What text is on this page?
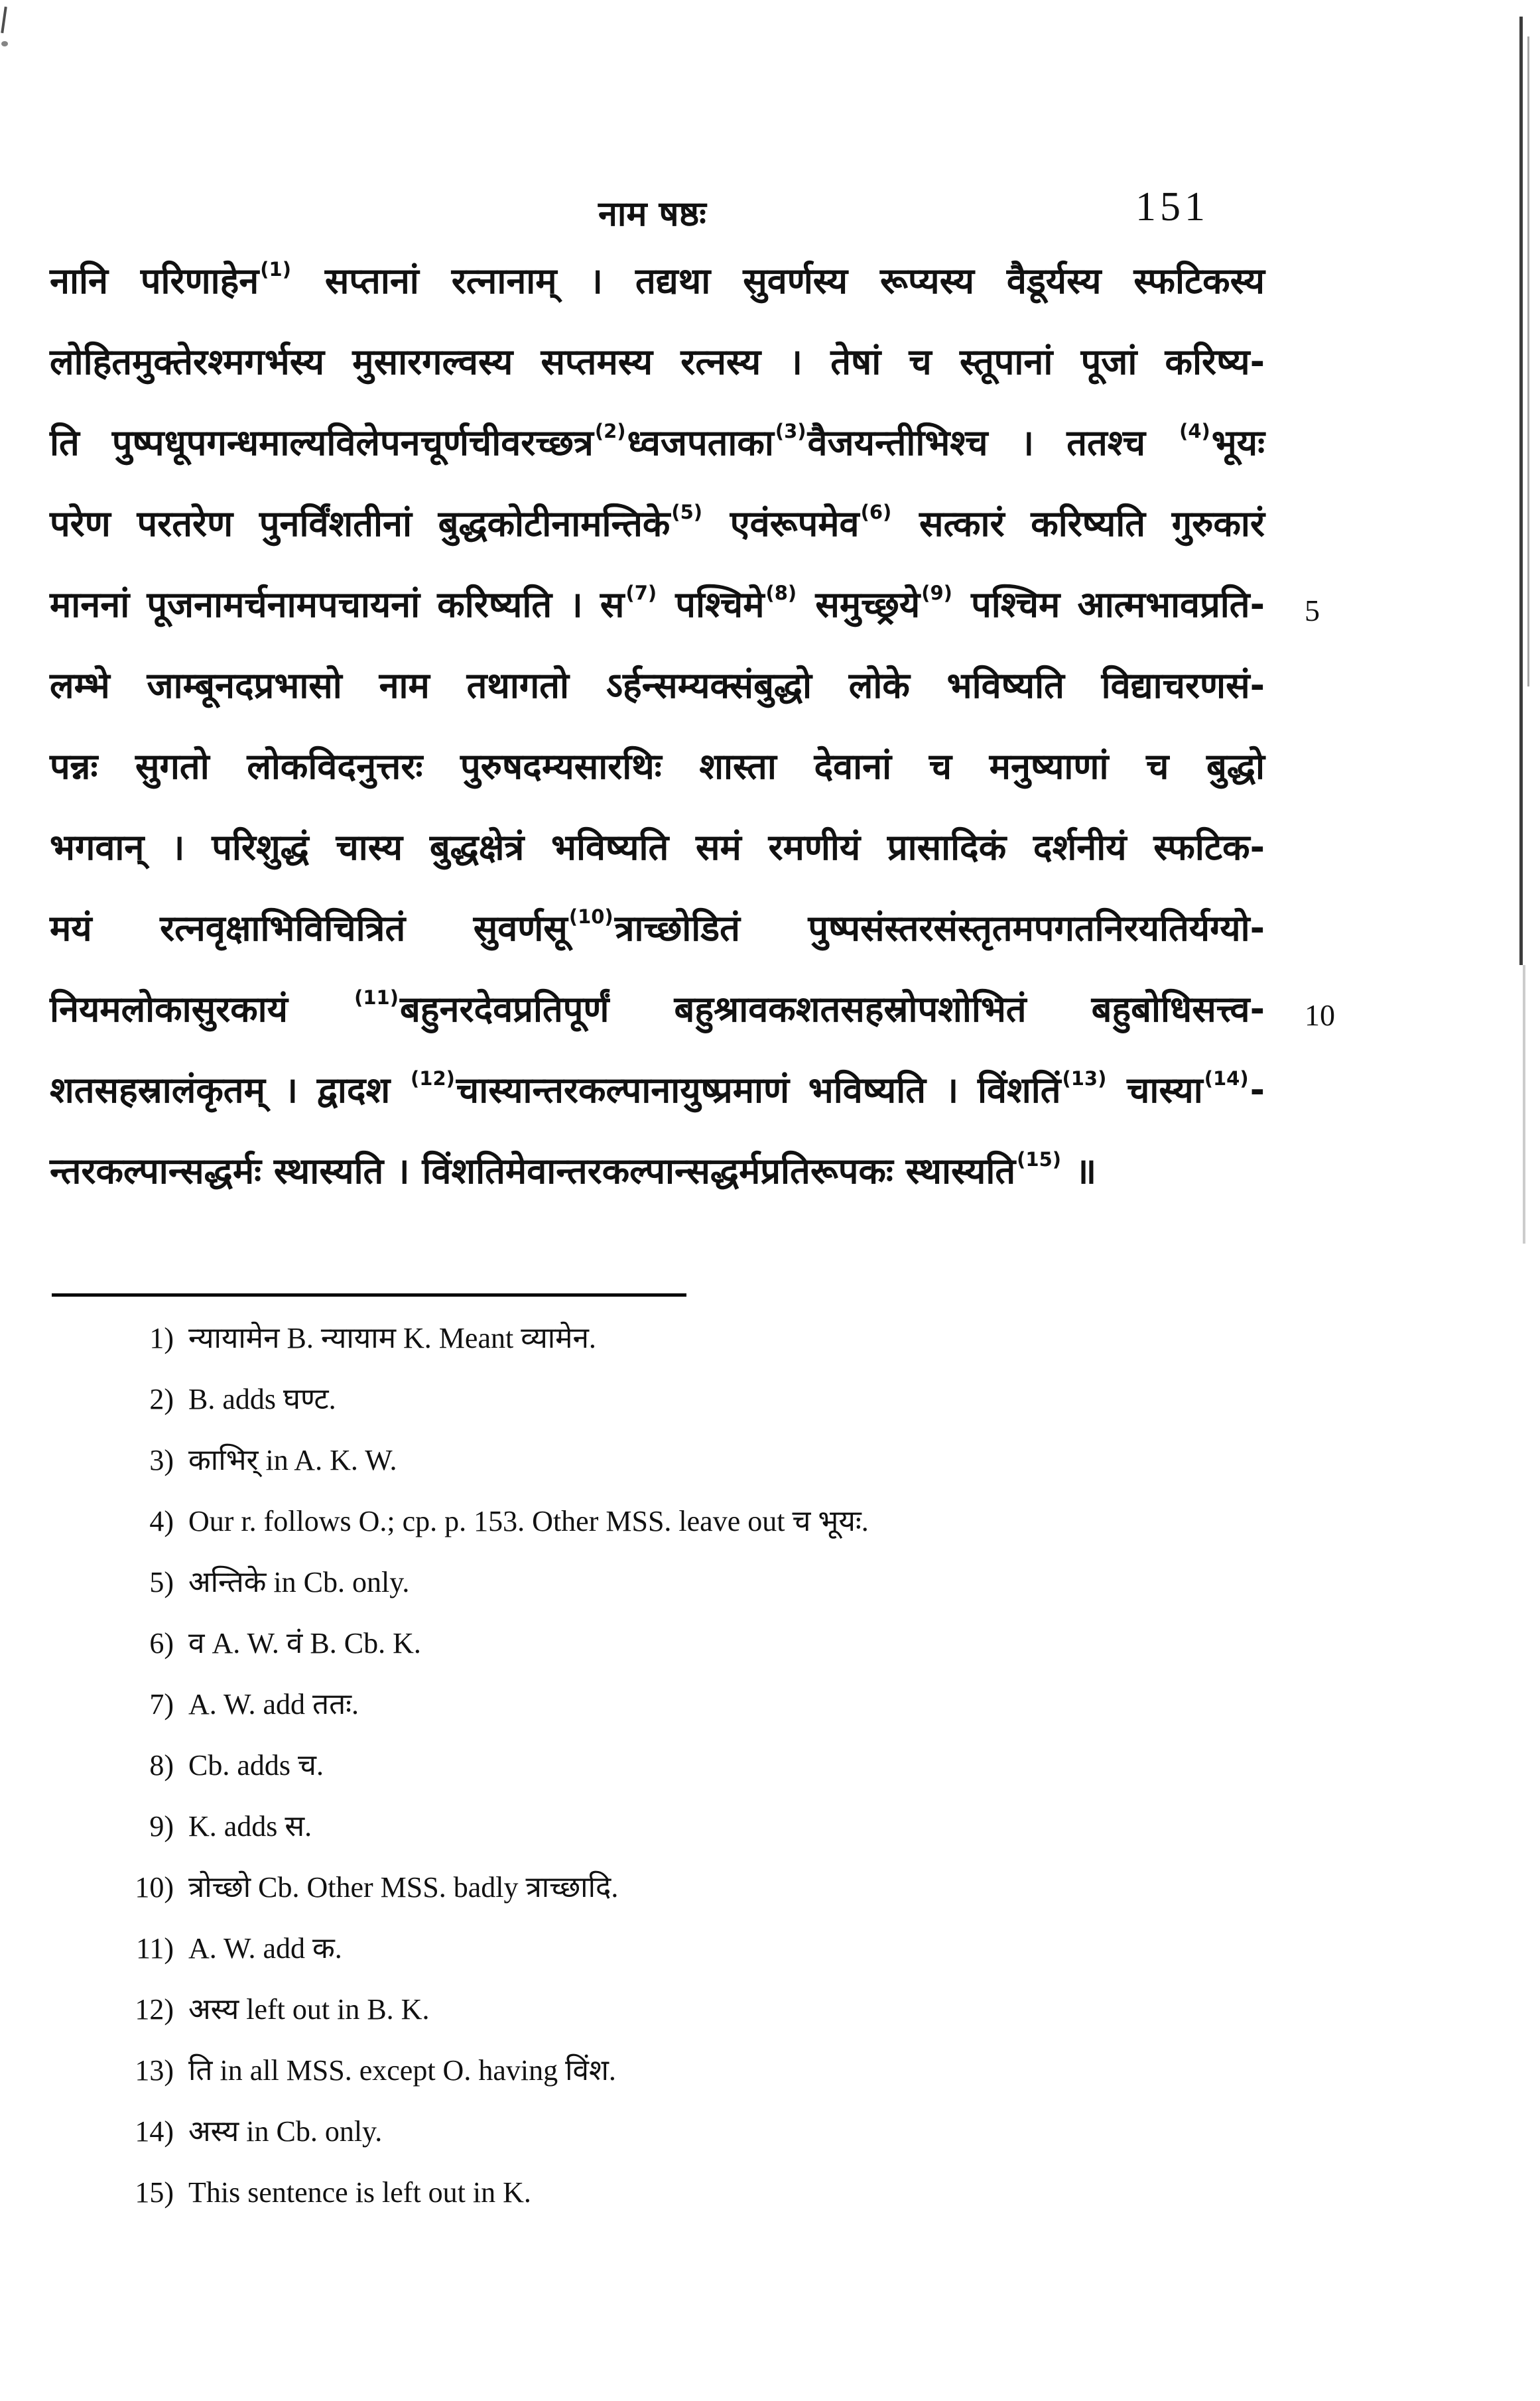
नाम षष्ठः	151
नानि परिणाहेन$^{(1)}$ सप्तानां रत्नानाम् । तद्यथा सुवर्णस्य रूप्यस्य वैडूर्यस्य स्फटिकस्य
लोहितमुक्तेरश्मगर्भस्य मुसारगल्वस्य सप्तमस्य रत्नस्य । तेषां च स्तूपानां पूजां करिष्य-
ति पुष्पधूपगन्धमाल्यविलेपनचूर्णचीवरच्छत्र$^{(2)}$ध्वजपताका$^{(3)}$वैजयन्तीभिश्च । ततश्च $^{(4)}$भूयः
परेण परतरेण पुनर्विंशतीनां बुद्धकोटीनामन्तिके$^{(5)}$ एवंरूपमेव$^{(6)}$ सत्कारं करिष्यति गुरुकारं
माननां पूजनामर्चनामपचायनां करिष्यति । स$^{(7)}$ पश्चिमे$^{(8)}$ समुच्छ्रये$^{(9)}$ पश्चिम आत्मभावप्रति-
लम्भे जाम्बूनदप्रभासो नाम तथागतो ऽर्हन्सम्यक्संबुद्धो लोके भविष्यति विद्याचरणसं-
पन्नः सुगतो लोकविदनुत्तरः पुरुषदम्यसारथिः शास्ता देवानां च मनुष्याणां च बुद्धो
भगवान् । परिशुद्धं चास्य बुद्धक्षेत्रं भविष्यति समं रमणीयं प्रासादिकं दर्शनीयं स्फटिक-
मयं रत्नवृक्षाभिविचित्रितं सुवर्णसू$^{(10)}$त्राच्छोडितं पुष्पसंस्तरसंस्तृतमपगतनिरयतिर्यग्यो-
नियमलोकासुरकायं $^{(11)}$बहुनरदेवप्रतिपूर्णं बहुश्रावकशतसहस्रोपशोभितं बहुबोधिसत्त्व-
शतसहस्रालंकृतम् । द्वादश $^{(12)}$चास्यान्तरकल्पानायुष्प्रमाणं भविष्यति । विंशतिं$^{(13)}$ चास्या$^{(14)}$-
न्तरकल्पान्सद्धर्मः स्थास्यति । विंशतिमेवान्तरकल्पान्सद्धर्मप्रतिरूपकः स्थास्यति$^{(15)}$ ॥
5
10
1) न्यायामेन B. न्यायाम K. Meant व्यामेन.
2) B. adds घण्ट.
3) काभिर् in A. K. W.
4) Our r. follows O.; cp. p. 153. Other MSS. leave out च भूयः.
5) अन्तिके in Cb. only.
6) व A. W. वं B. Cb. K.
7) A. W. add ततः.
8) Cb. adds च.
9) K. adds स.
10) त्रोच्छो Cb. Other MSS. badly त्राच्छादि.
11) A. W. add क.
12) अस्य left out in B. K.
13) ति in all MSS. except O. having विंश.
14) अस्य in Cb. only.
15) This sentence is left out in K.
